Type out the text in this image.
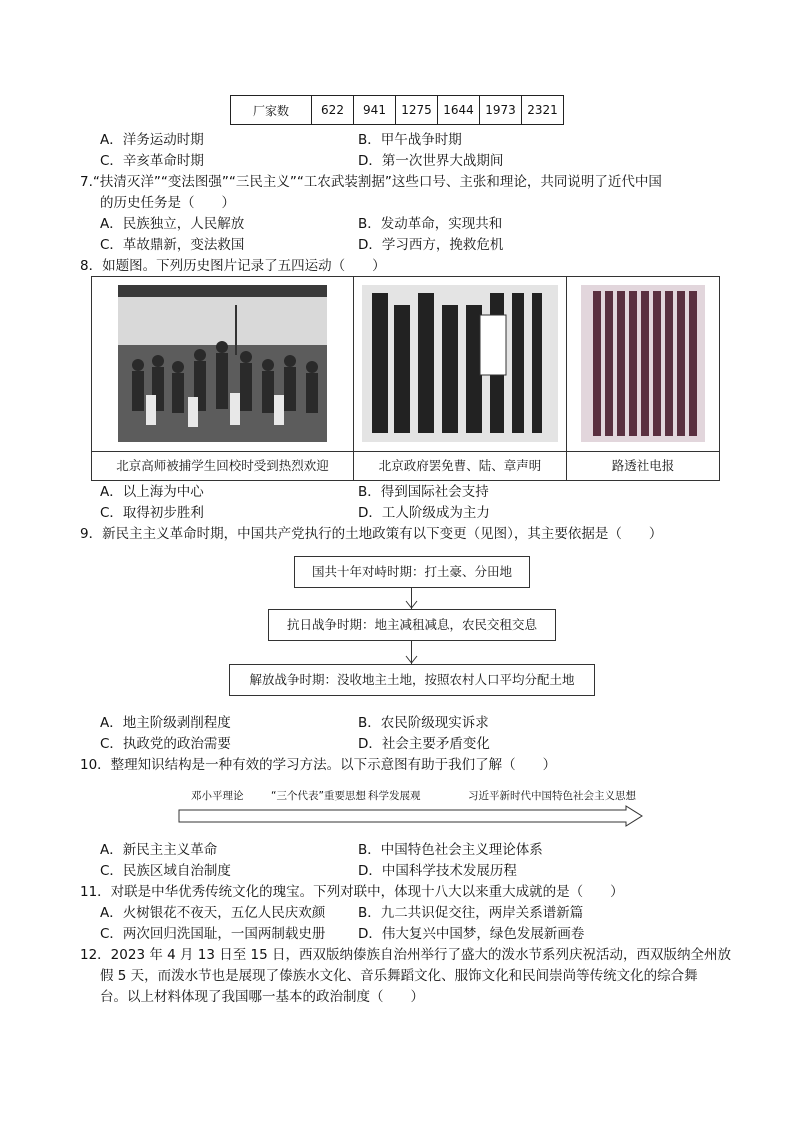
厂家数	622	941	1275	1644	1973	2321
A．洋务运动时期	B．甲午战争时期
C．辛亥革命时期	D．第一次世界大战期间
7.“扶清灭洋”“变法图强”“三民主义”“工农武装割据”这些口号、主张和理论，共同说明了近代中国
的历史任务是（　　）
A．民族独立，人民解放	B．发动革命，实现共和
C．革故鼎新，变法救国	D．学习西方，挽救危机
8．如题图。下列历史图片记录了五四运动（　　）
北京高师被捕学生回校时受到热烈欢迎	北京政府罢免曹、陆、章声明	路透社电报
A．以上海为中心	B．得到国际社会支持
C．取得初步胜利	D．工人阶级成为主力
9．新民主主义革命时期，中国共产党执行的土地政策有以下变更（见图），其主要依据是（　　）
国共十年对峙时期：打土豪、分田地
抗日战争时期：地主减租减息，农民交租交息
解放战争时期：没收地主土地，按照农村人口平均分配土地
A．地主阶级剥削程度	B．农民阶级现实诉求
C．执政党的政治需要	D．社会主要矛盾变化
10．整理知识结构是一种有效的学习方法。以下示意图有助于我们了解（　　）
邓小平理论	“三个代表”重要思想 科学发展观	习近平新时代中国特色社会主义思想
A．新民主主义革命	B．中国特色社会主义理论体系
C．民族区域自治制度	D．中国科学技术发展历程
11．对联是中华优秀传统文化的瑰宝。下列对联中，体现十八大以来重大成就的是（　　）
A．火树银花不夜天，五亿人民庆欢颜 B．九二共识促交往，两岸关系谱新篇
C．两次回归洗国耻，一国两制载史册 D．伟大复兴中国梦，绿色发展新画卷
12．2023 年 4 月 13 日至 15 日，西双版纳傣族自治州举行了盛大的泼水节系列庆祝活动，西双版纳全州放
假 5 天，而泼水节也是展现了傣族水文化、音乐舞蹈文化、服饰文化和民间崇尚等传统文化的综合舞
台。以上材料体现了我国哪一基本的政治制度（　　）
